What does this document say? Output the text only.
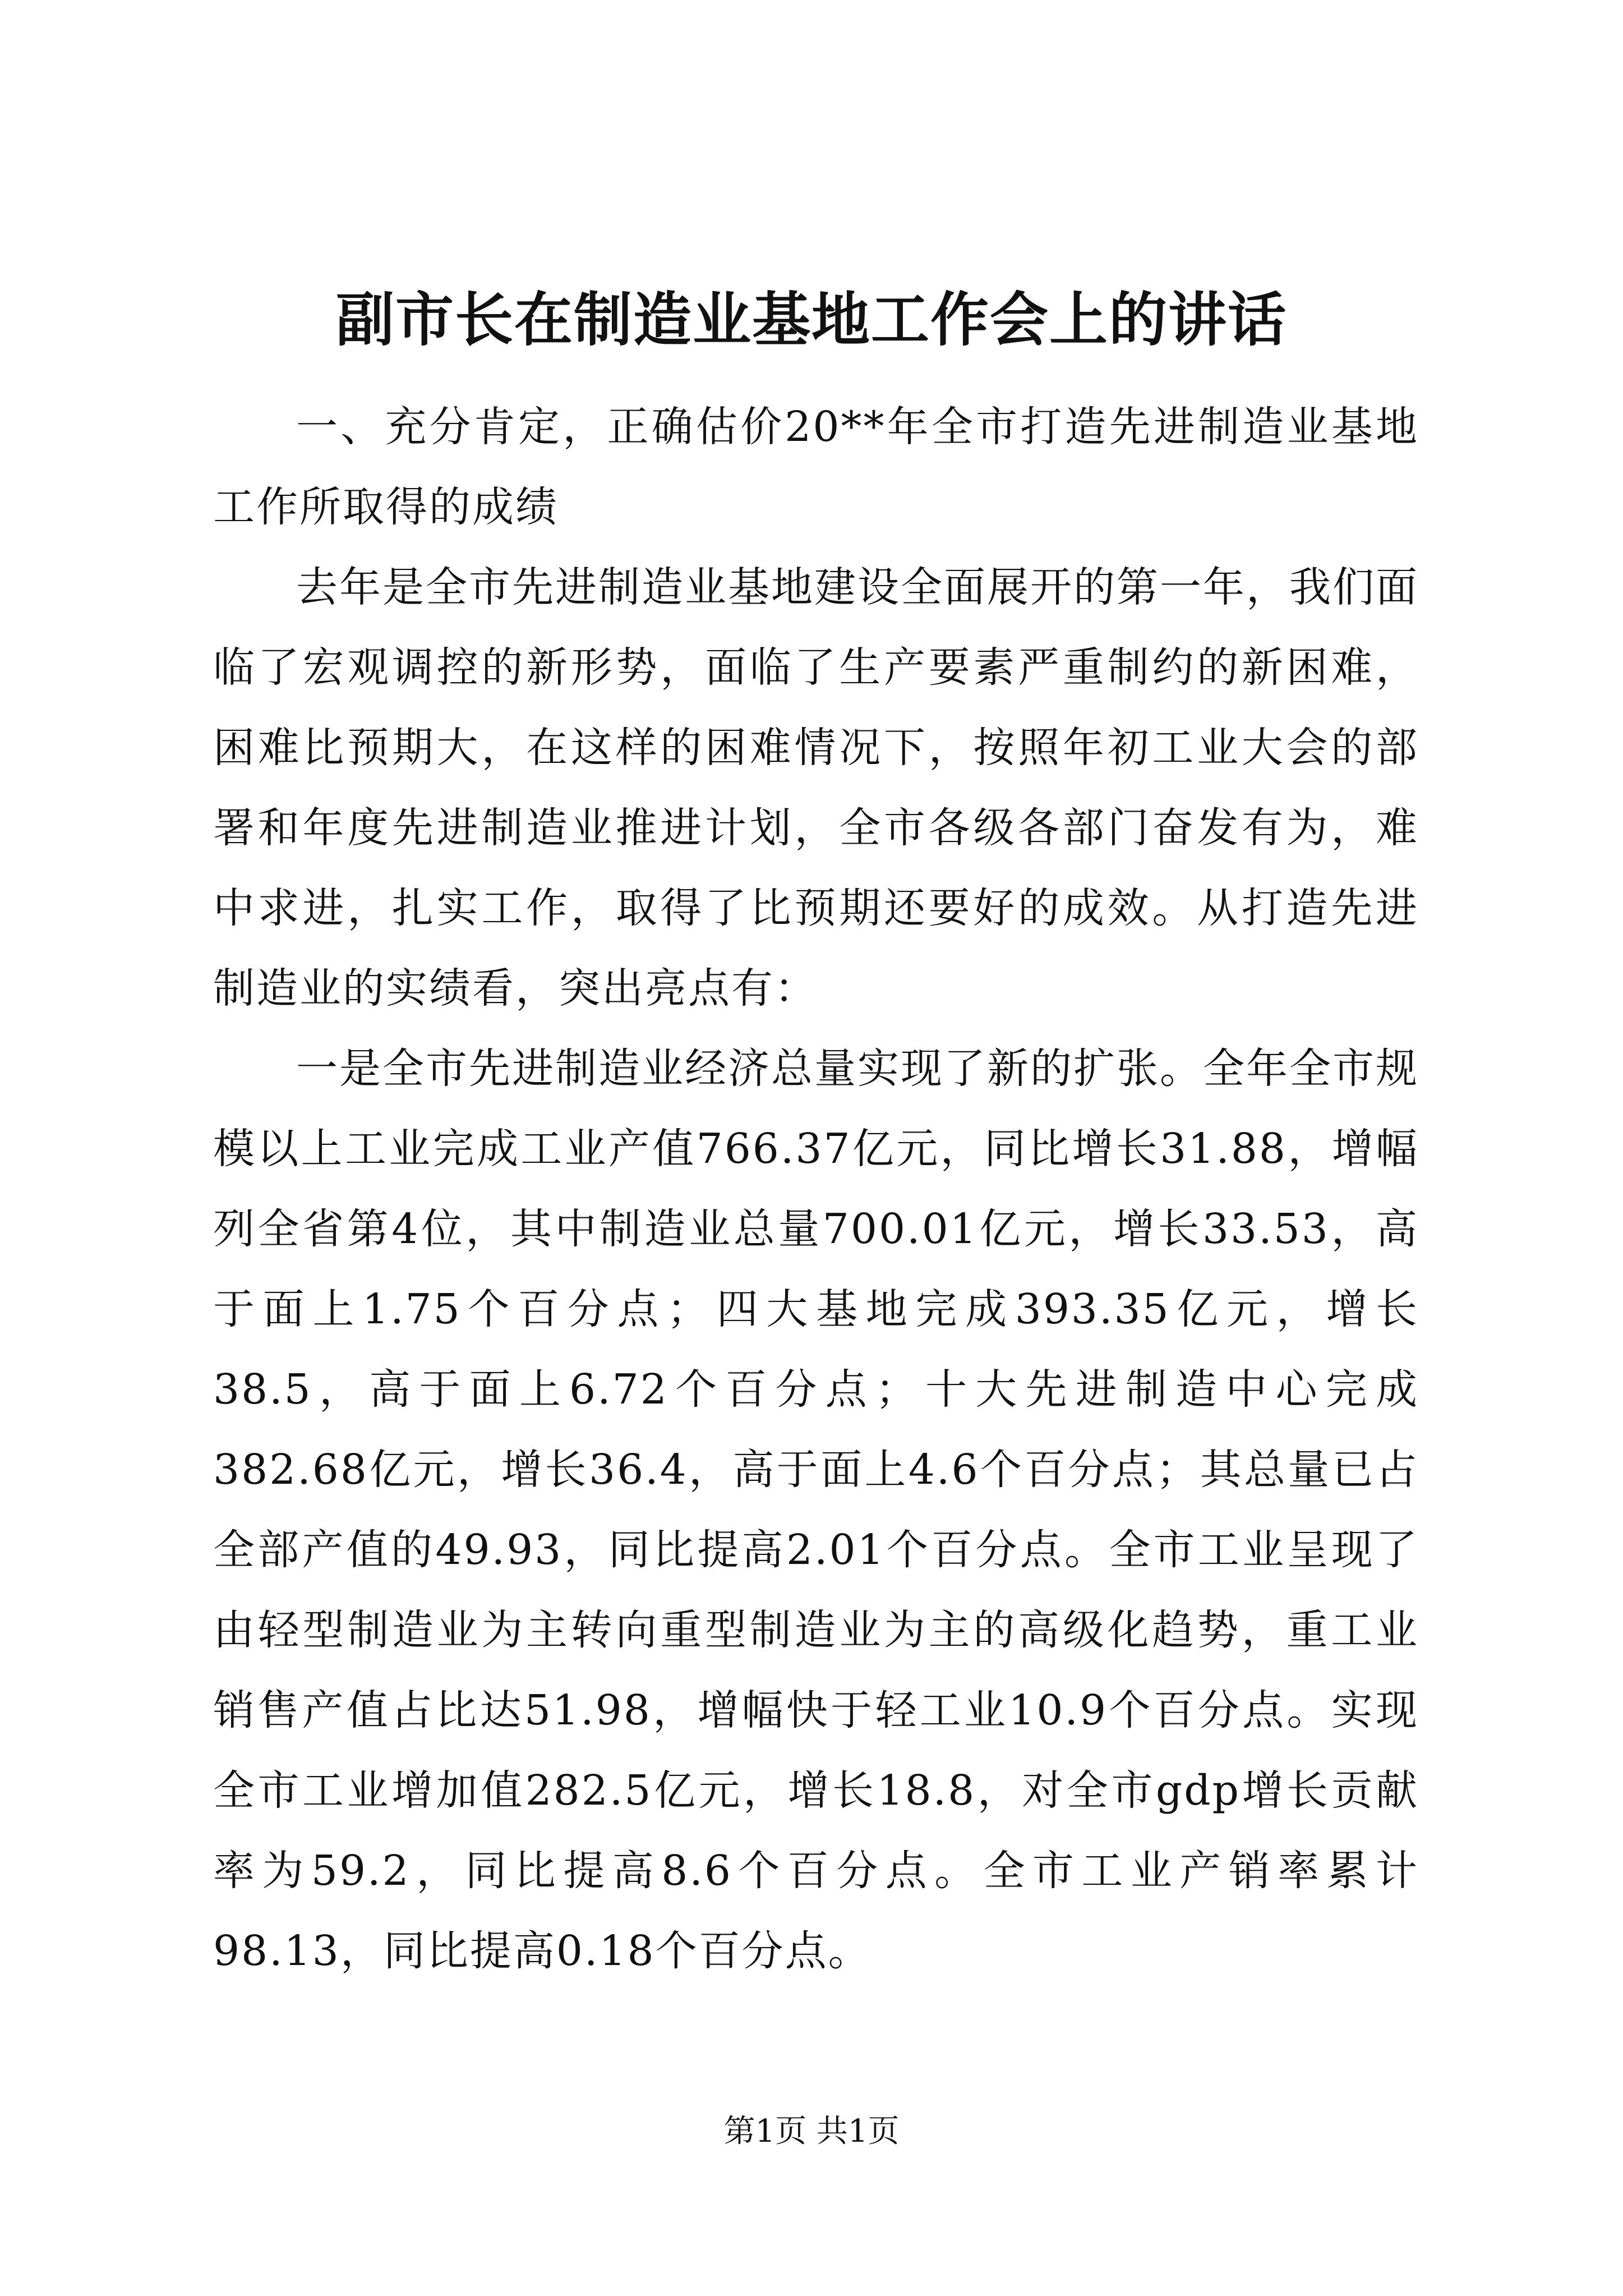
副市长在制造业基地工作会上的讲话

一、充分肯定，正确估价20**年全市打造先进制造业基地工作所取得的成绩

去年是全市先进制造业基地建设全面展开的第一年，我们面临了宏观调控的新形势，面临了生产要素严重制约的新困难，困难比预期大，在这样的困难情况下，按照年初工业大会的部署和年度先进制造业推进计划，全市各级各部门奋发有为，难中求进，扎实工作，取得了比预期还要好的成效。从打造先进制造业的实绩看，突出亮点有：

一是全市先进制造业经济总量实现了新的扩张。全年全市规模以上工业完成工业产值766.37亿元，同比增长31.88，增幅列全省第4位，其中制造业总量700.01亿元，增长33.53，高于面上1.75个百分点；四大基地完成393.35亿元，增长38.5，高于面上6.72个百分点；十大先进制造中心完成382.68亿元，增长36.4，高于面上4.6个百分点；其总量已占全部产值的49.93，同比提高2.01个百分点。全市工业呈现了由轻型制造业为主转向重型制造业为主的高级化趋势，重工业销售产值占比达51.98，增幅快于轻工业10.9个百分点。实现全市工业增加值282.5亿元，增长18.8，对全市gdp增长贡献率为59.2，同比提高8.6个百分点。全市工业产销率累计98.13，同比提高0.18个百分点。

第1页 共1页
